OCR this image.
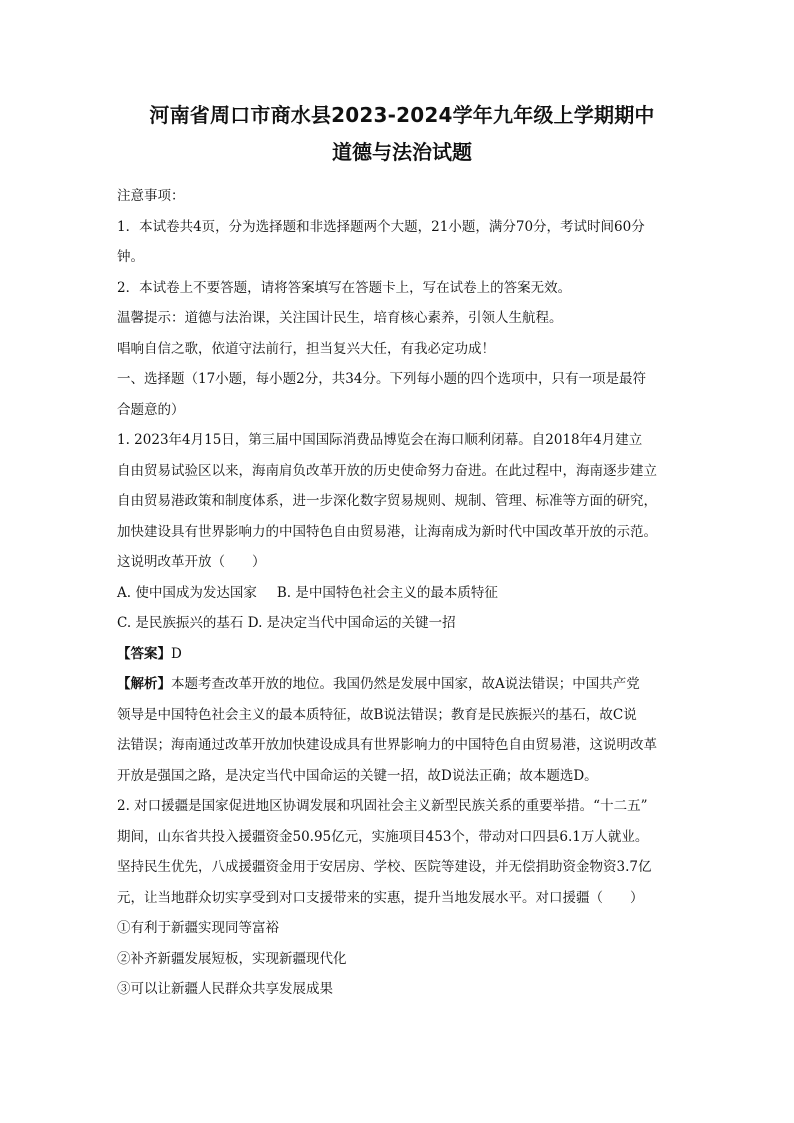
河南省周口市商水县2023-2024学年九年级上学期期中
道德与法治试题
注意事项：
1．本试卷共4页，分为选择题和非选择题两个大题，21小题，满分70分，考试时间60分
钟。
2．本试卷上不要答题，请将答案填写在答题卡上，写在试卷上的答案无效。
温馨提示：道德与法治课，关注国计民生，培育核心素养，引领人生航程。
唱响自信之歌，依道守法前行，担当复兴大任，有我必定功成！
一、选择题（17小题，每小题2分，共34分。下列每小题的四个选项中，只有一项是最符
合题意的）
1. 2023年4月15日，第三届中国国际消费品博览会在海口顺利闭幕。自2018年4月建立
自由贸易试验区以来，海南肩负改革开放的历史使命努力奋进。在此过程中，海南逐步建立
自由贸易港政策和制度体系，进一步深化数字贸易规则、规制、管理、标准等方面的研究，
加快建设具有世界影响力的中国特色自由贸易港，让海南成为新时代中国改革开放的示范。
这说明改革开放（　　）
A. 使中国成为发达国家 B. 是中国特色社会主义的最本质特征
C. 是民族振兴的基石 D. 是决定当代中国命运的关键一招
【答案】D
【解析】本题考查改革开放的地位。我国仍然是发展中国家，故A说法错误；中国共产党
领导是中国特色社会主义的最本质特征，故B说法错误；教育是民族振兴的基石，故C说
法错误；海南通过改革开放加快建设成具有世界影响力的中国特色自由贸易港，这说明改革
开放是强国之路，是决定当代中国命运的关键一招，故D说法正确；故本题选D。
2. 对口援疆是国家促进地区协调发展和巩固社会主义新型民族关系的重要举措。“十二五”
期间，山东省共投入援疆资金50.95亿元，实施项目453个，带动对口四县6.1万人就业。
坚持民生优先，八成援疆资金用于安居房、学校、医院等建设，并无偿捐助资金物资3.7亿
元，让当地群众切实享受到对口支援带来的实惠，提升当地发展水平。对口援疆（　　）
①有利于新疆实现同等富裕
②补齐新疆发展短板，实现新疆现代化
③可以让新疆人民群众共享发展成果
